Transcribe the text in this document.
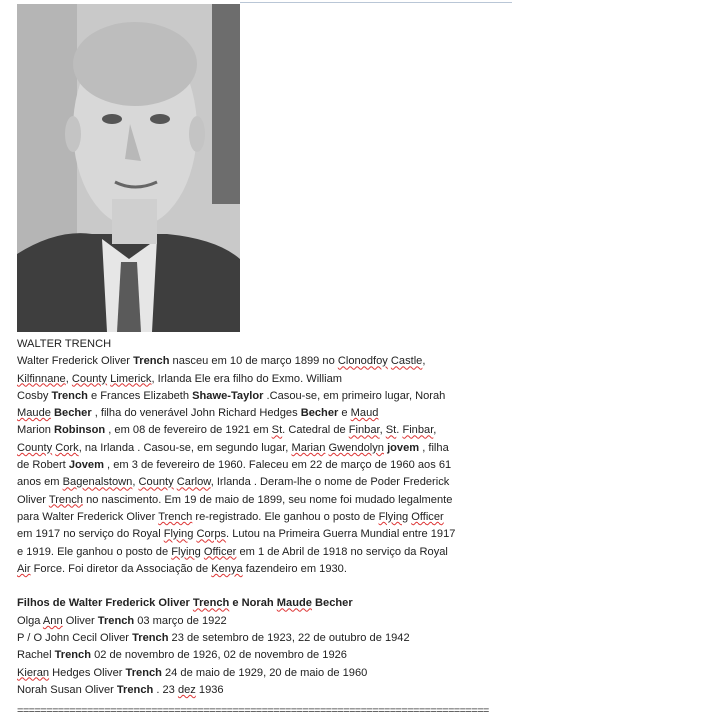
WALTER TRENCH
Walter Frederick Oliver Trench nasceu em 10 de março 1899 no Clonodfoy Castle,
Kilfinnane, County Limerick, Irlanda Ele era filho do Exmo. William
Cosby Trench e Frances Elizabeth Shawe-Taylor .Casou-se, em primeiro lugar, Norah
Maude Becher , filha do venerável John Richard Hedges Becher e Maud
Marion Robinson , em 08 de fevereiro de 1921 em St. Catedral de Finbar, St. Finbar,
County Cork, na Irlanda . Casou-se, em segundo lugar, Marian Gwendolyn jovem , filha
de Robert Jovem , em 3 de fevereiro de 1960. Faleceu em 22 de março de 1960 aos 61
anos em Bagenalstown, County Carlow, Irlanda . Deram-lhe o nome de Poder Frederick
Oliver Trench no nascimento. Em 19 de maio de 1899, seu nome foi mudado legalmente
para Walter Frederick Oliver Trench re-registrado. Ele ganhou o posto de Flying Officer
em 1917 no serviço do Royal Flying Corps. Lutou na Primeira Guerra Mundial entre 1917
e 1919. Ele ganhou o posto de Flying Officer em 1 de Abril de 1918 no serviço da Royal
Air Force. Foi diretor da Associação de Kenya fazendeiro em 1930.
Filhos de Walter Frederick Oliver Trench e Norah Maude Becher
Olga Ann Oliver Trench 03 março de 1922
P / O John Cecil Oliver Trench 23 de setembro de 1923, 22 de outubro de 1942
Rachel Trench 02 de novembro de 1926, 02 de novembro de 1926
Kieran Hedges Oliver Trench 24 de maio de 1929, 20 de maio de 1960
Norah Susan Oliver Trench . 23 dez 1936
=================================================================================
